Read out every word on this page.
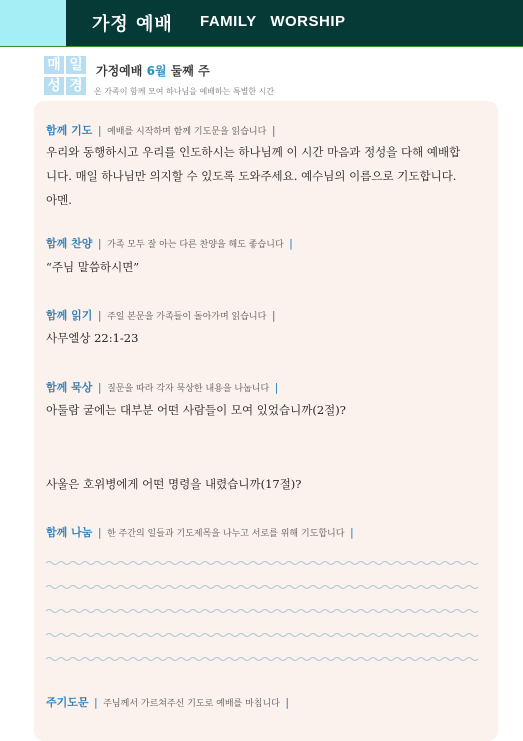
가정 예배 FAMILY   WORSHIP
매 일
성 경
가정예배 6월 둘째 주
온 가족이 함께 모여 하나님을 예배하는 특별한 시간
함께 기도 | 예배를 시작하며 함께 기도문을 읽습니다 |
우리와 동행하시고 우리를 인도하시는 하나님께 이 시간 마음과 정성을 다해 예배합
니다. 매일 하나님만 의지할 수 있도록 도와주세요. 예수님의 이름으로 기도합니다.
아멘.
함께 찬양 | 가족 모두 잘 아는 다른 찬양을 해도 좋습니다 |
“주님 말씀하시면”
함께 읽기 | 주일 본문을 가족들이 돌아가며 읽습니다 |
사무엘상 22:1-23
함께 묵상 | 질문을 따라 각자 묵상한 내용을 나눕니다 |
아둘람 굴에는 대부분 어떤 사람들이 모여 있었습니까(2절)?
사울은 호위병에게 어떤 명령을 내렸습니까(17절)?
함께 나눔 | 한 주간의 일들과 기도제목을 나누고 서로를 위해 기도합니다 |
주기도문 | 주님께서 가르쳐주신 기도로 예배를 마칩니다 |
